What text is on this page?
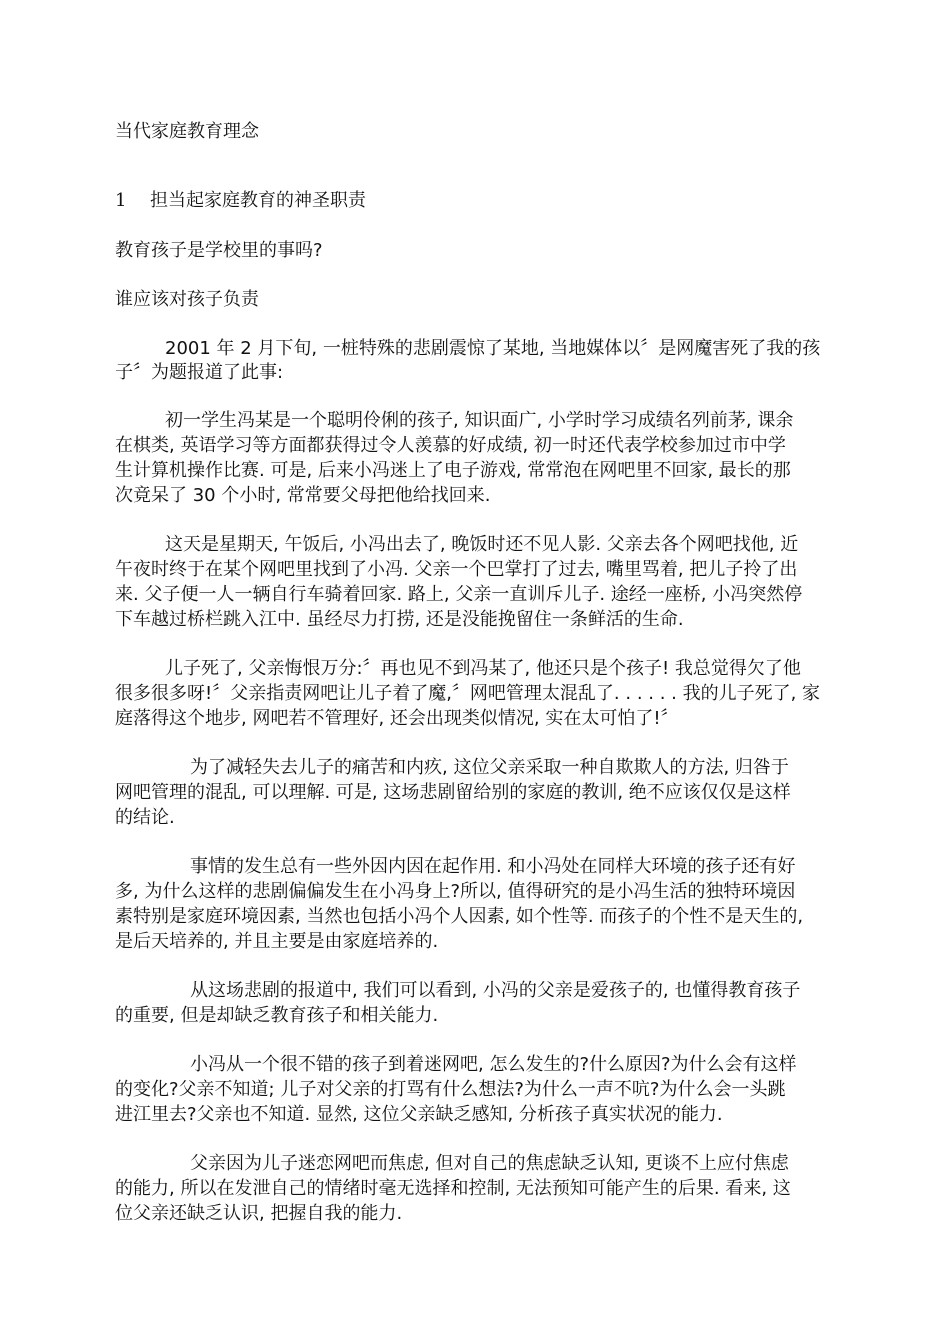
当代家庭教育理念
1 担当起家庭教育的神圣职责
教育孩子是学校里的事吗?
谁应该对孩子负责
2001 年 2 月下旬, 一桩特殊的悲剧震惊了某地, 当地媒体以〞是网魔害死了我的孩
子〞为题报道了此事:
初一学生冯某是一个聪明伶俐的孩子, 知识面广, 小学时学习成绩名列前茅, 课余
在棋类, 英语学习等方面都获得过令人羡慕的好成绩, 初一时还代表学校参加过市中学
生计算机操作比赛. 可是, 后来小冯迷上了电子游戏, 常常泡在网吧里不回家, 最长的那
次竟呆了 30 个小时, 常常要父母把他给找回来.
这天是星期天, 午饭后, 小冯出去了, 晚饭时还不见人影. 父亲去各个网吧找他, 近
午夜时终于在某个网吧里找到了小冯. 父亲一个巴掌打了过去, 嘴里骂着, 把儿子拎了出
来. 父子便一人一辆自行车骑着回家. 路上, 父亲一直训斥儿子. 途经一座桥, 小冯突然停
下车越过桥栏跳入江中. 虽经尽力打捞, 还是没能挽留住一条鲜活的生命.
儿子死了, 父亲悔恨万分:〞再也见不到冯某了, 他还只是个孩子! 我总觉得欠了他
很多很多呀!〞父亲指责网吧让儿子着了魔,〞网吧管理太混乱了. . . . . . 我的儿子死了, 家
庭落得这个地步, 网吧若不管理好, 还会出现类似情况, 实在太可怕了!〞
为了减轻失去儿子的痛苦和内疚, 这位父亲采取一种自欺欺人的方法, 归咎于
网吧管理的混乱, 可以理解. 可是, 这场悲剧留给别的家庭的教训, 绝不应该仅仅是这样
的结论.
事情的发生总有一些外因内因在起作用. 和小冯处在同样大环境的孩子还有好
多, 为什么这样的悲剧偏偏发生在小冯身上?所以, 值得研究的是小冯生活的独特环境因
素特别是家庭环境因素, 当然也包括小冯个人因素, 如个性等. 而孩子的个性不是天生的,
是后天培养的, 并且主要是由家庭培养的.
从这场悲剧的报道中, 我们可以看到, 小冯的父亲是爱孩子的, 也懂得教育孩子
的重要, 但是却缺乏教育孩子和相关能力.
小冯从一个很不错的孩子到着迷网吧, 怎么发生的?什么原因?为什么会有这样
的变化?父亲不知道; 儿子对父亲的打骂有什么想法?为什么一声不吭?为什么会一头跳
进江里去?父亲也不知道. 显然, 这位父亲缺乏感知, 分析孩子真实状况的能力.
父亲因为儿子迷恋网吧而焦虑, 但对自己的焦虑缺乏认知, 更谈不上应付焦虑
的能力, 所以在发泄自己的情绪时毫无选择和控制, 无法预知可能产生的后果. 看来, 这
位父亲还缺乏认识, 把握自我的能力.
